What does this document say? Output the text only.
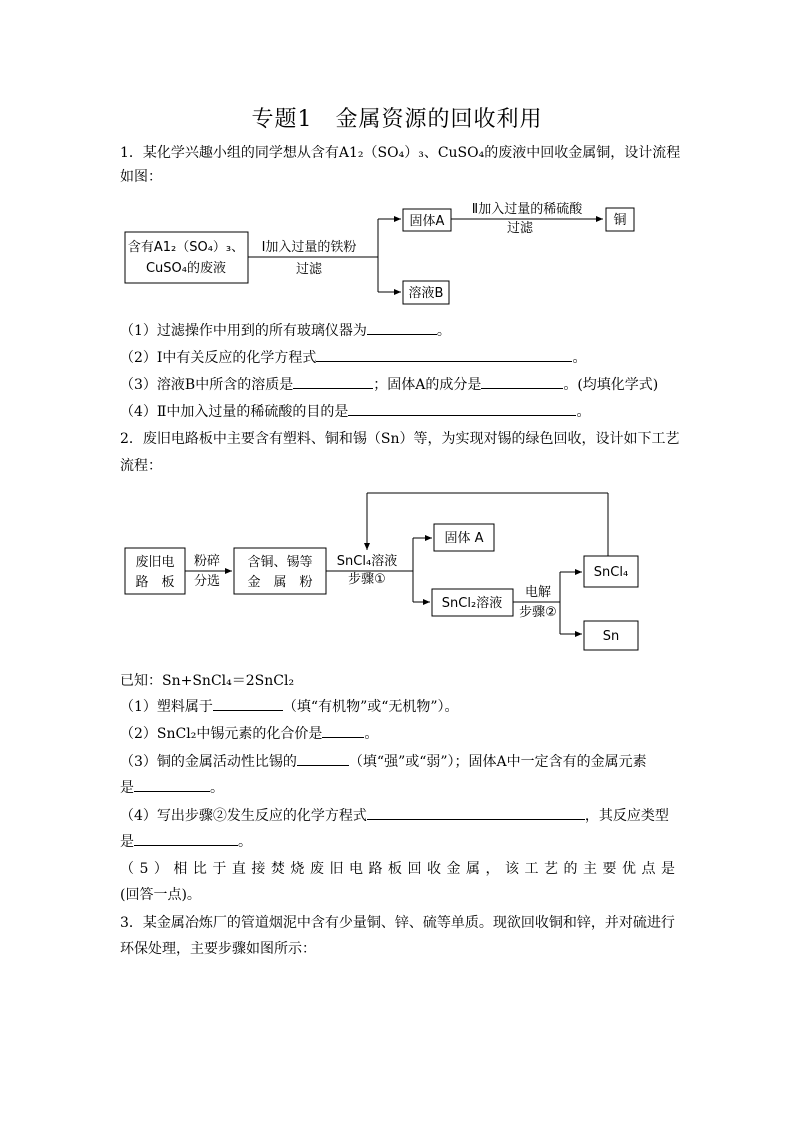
专题1　金属资源的回收利用
1．某化学兴趣小组的同学想从含有A1₂（SO₄）₃、CuSO₄的废液中回收金属铜，设计流程
如图：
含有A1₂（SO₄）₃、
CuSO₄的废液
Ⅰ加入过量的铁粉
过滤
固体A
溶液B
Ⅱ加入过量的稀硫酸
过滤
铜
（1）过滤操作中用到的所有玻璃仪器为	。
（2）I中有关反应的化学方程式	。
（3）溶液B中所含的溶质是	；固体A的成分是	。(均填化学式)
（4）Ⅱ中加入过量的稀硫酸的目的是	。
2．废旧电路板中主要含有塑料、铜和锡（Sn）等，为实现对锡的绿色回收，设计如下工艺
流程：
废旧电
路　板
粉碎
分选
含铜、锡等
金　属　粉
SnCl₄溶液
步骤①
固体 A
SnCl₂溶液
电解
步骤②
SnCl₄
Sn
已知：Sn+SnCl₄＝2SnCl₂
（1）塑料属于	（填“有机物”或“无机物”）。
（2）SnCl₂中锡元素的化合价是	。
（3）铜的金属活动性比锡的	（填“强”或“弱”）；固体A中一定含有的金属元素
是	。
（4）写出步骤②发生反应的化学方程式	，其反应类型
是	。
（5）相比于直接焚烧废旧电路板回收金属，该工艺的主要优点是
(回答一点)。
3．某金属冶炼厂的管道烟泥中含有少量铜、锌、硫等单质。现欲回收铜和锌，并对硫进行
环保处理，主要步骤如图所示：
